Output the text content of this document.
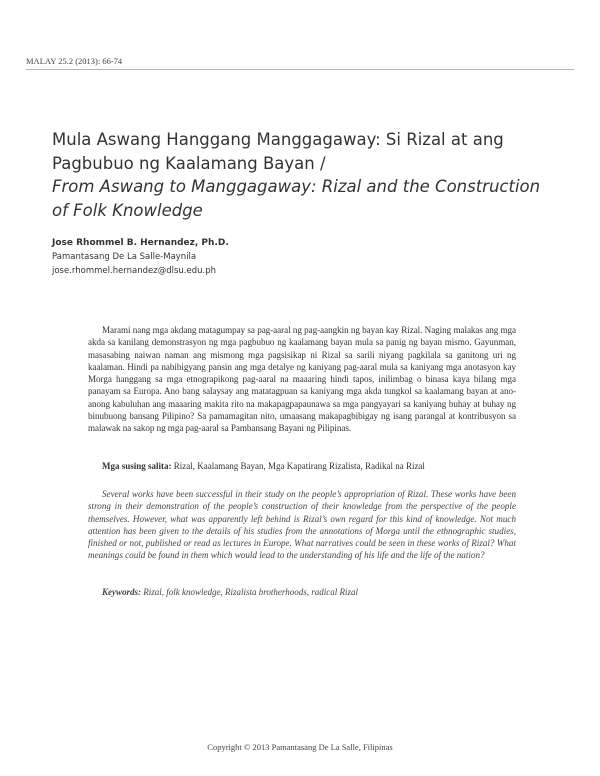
MALAY 25.2 (2013): 66-74

Mula Aswang Hanggang Manggagaway: Si Rizal at ang
Pagbubuo ng Kaalamang Bayan /
From Aswang to Manggagaway: Rizal and the Construction
of Folk Knowledge
Jose Rhommel B. Hernandez, Ph.D.
Pamantasang De La Salle-Maynila
jose.rhommel.hernandez@dlsu.edu.ph

Marami nang mga akdang matagumpay sa pag-aaral ng pag-aangkin ng bayan kay Rizal. Naging malakas ang mga akda sa kanilang demonstrasyon ng mga pagbubuo ng kaalamang bayan mula sa panig ng bayan mismo. Gayunman, masasabing naiwan naman ang mismong mga pagsisikap ni Rizal sa sarili niyang pagkilala sa ganitong uri ng kaalaman. Hindi pa nabibigyang pansin ang mga detalye ng kaniyang pag-aaral mula sa kaniyang mga anotasyon kay Morga hanggang sa mga etnograpikong pag-aaral na maaaring hindi tapos, inilimbag o binasa kaya bilang mga panayam sa Europa. Ano bang salaysay ang matatagpuan sa kaniyang mga akda tungkol sa kaalamang bayan at ano-anong kabuluhan ang maaaring makita rito na makapagpapaunawa sa mga pangyayari sa kaniyang buhay at buhay ng binubuong bansang Pilipino? Sa pamamagitan nito, umaasang makapagbibigay ng isang parangal at kontribusyon sa malawak na sakop ng mga pag-aaral sa Pambansang Bayani ng Pilipinas.

Mga susing salita: Rizal, Kaalamang Bayan, Mga Kapatirang Rizalista, Radikal na Rizal

Several works have been successful in their study on the people’s appropriation of Rizal. These works have been strong in their demonstration of the people’s construction of their knowledge from the perspective of the people themselves. However, what was apparently left behind is Rizal’s own regard for this kind of knowledge. Not much attention has been given to the details of his studies from the annotations of Morga until the ethnographic studies, finished or not, published or read as lectures in Europe. What narratives could be seen in these works of Rizal? What meanings could be found in them which would lead to the understanding of his life and the life of the nation?

Keywords: Rizal, folk knowledge, Rizalista brotherhoods, radical Rizal

Copyright © 2013 Pamantasang De La Salle, Filipinas
